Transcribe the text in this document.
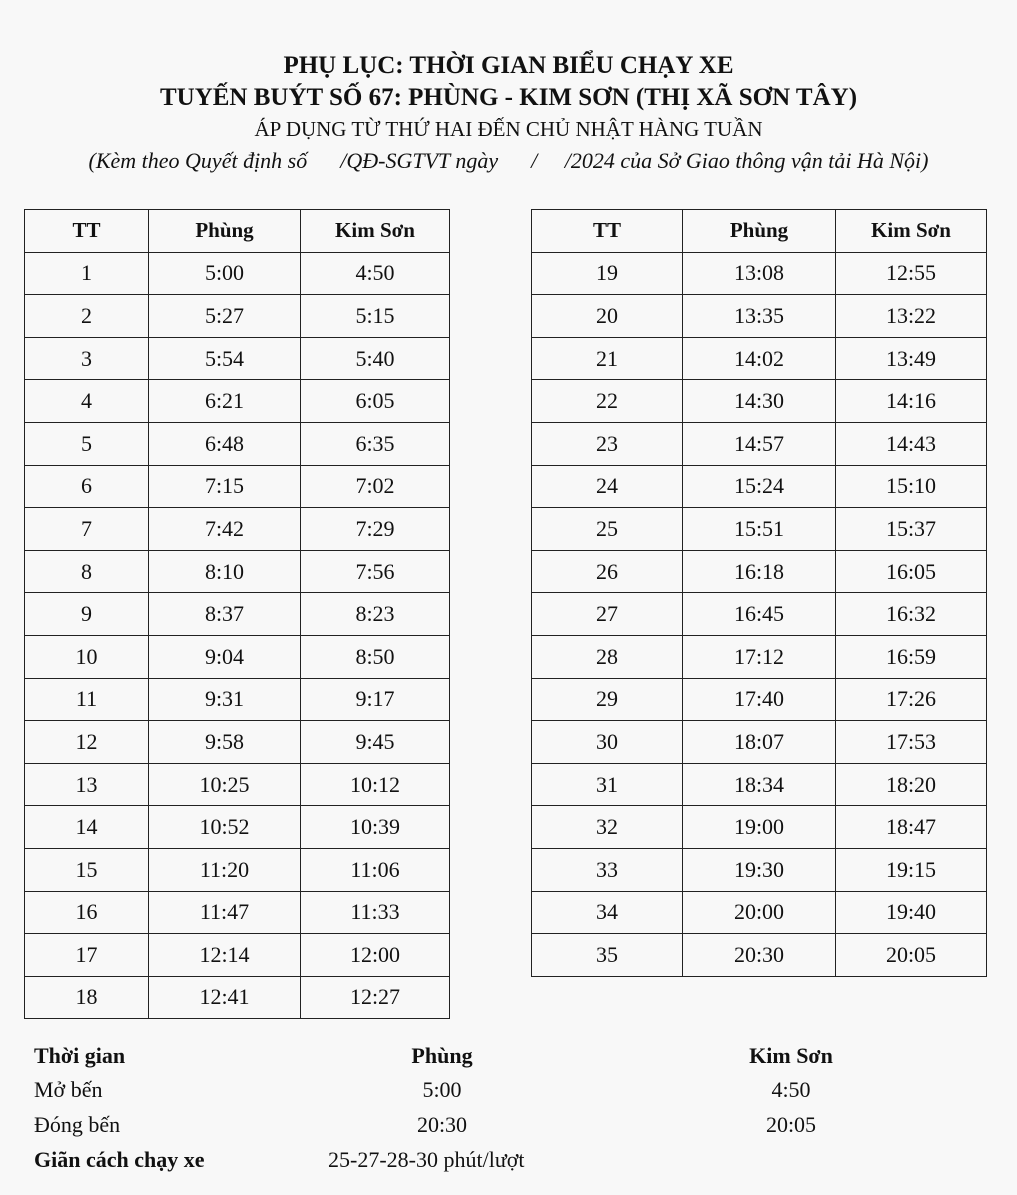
PHỤ LỤC: THỜI GIAN BIỂU CHẠY XE
TUYẾN BUÝT SỐ 67: PHÙNG - KIM SƠN (THỊ XÃ SƠN TÂY)
ÁP DỤNG TỪ THỨ HAI ĐẾN CHỦ NHẬT HÀNG TUẦN
(Kèm theo Quyết định số      /QĐ-SGTVT ngày      /     /2024 của Sở Giao thông vận tải Hà Nội)
TT	Phùng	Kim Sơn
1	5:00	4:50
2	5:27	5:15
3	5:54	5:40
4	6:21	6:05
5	6:48	6:35
6	7:15	7:02
7	7:42	7:29
8	8:10	7:56
9	8:37	8:23
10	9:04	8:50
11	9:31	9:17
12	9:58	9:45
13	10:25	10:12
14	10:52	10:39
15	11:20	11:06
16	11:47	11:33
17	12:14	12:00
18	12:41	12:27
TT	Phùng	Kim Sơn
19	13:08	12:55
20	13:35	13:22
21	14:02	13:49
22	14:30	14:16
23	14:57	14:43
24	15:24	15:10
25	15:51	15:37
26	16:18	16:05
27	16:45	16:32
28	17:12	16:59
29	17:40	17:26
30	18:07	17:53
31	18:34	18:20
32	19:00	18:47
33	19:30	19:15
34	20:00	19:40
35	20:30	20:05
Thời gian	Phùng	Kim Sơn
Mở bến	5:00	4:50
Đóng bến	20:30	20:05
Giãn cách chạy xe	25-27-28-30 phút/lượt
